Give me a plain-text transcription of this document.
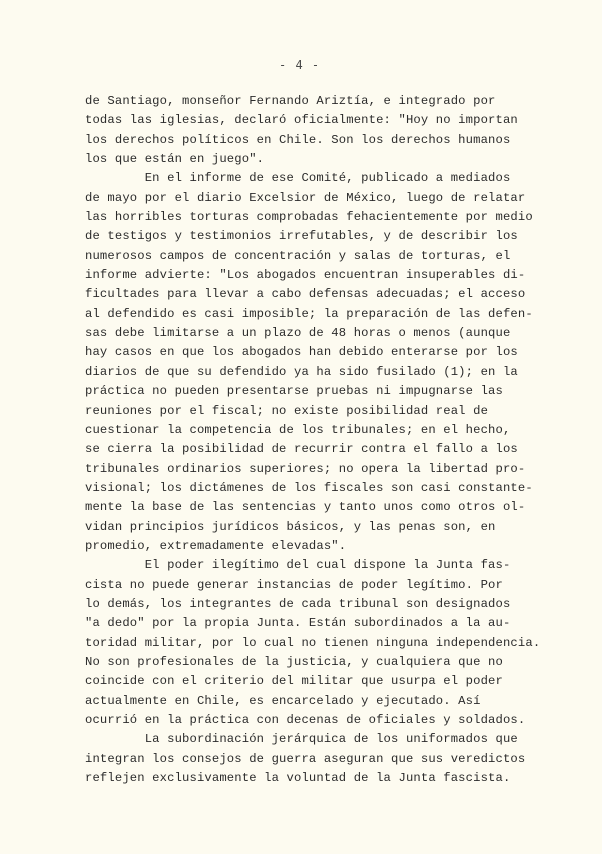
- 4 -
de Santiago, monseñor Fernando Ariztía, e integrado por
todas las iglesias, declaró oficialmente: "Hoy no importan
los derechos políticos en Chile. Son los derechos humanos
los que están en juego".
En el informe de ese Comité, publicado a mediados
de mayo por el diario Excelsior de México, luego de relatar
las horribles torturas comprobadas fehacientemente por medio
de testigos y testimonios irrefutables, y de describir los
numerosos campos de concentración y salas de torturas, el
informe advierte: "Los abogados encuentran insuperables di-
ficultades para llevar a cabo defensas adecuadas; el acceso
al defendido es casi imposible; la preparación de las defen-
sas debe limitarse a un plazo de 48 horas o menos (aunque
hay casos en que los abogados han debido enterarse por los
diarios de que su defendido ya ha sido fusilado (1); en la
práctica no pueden presentarse pruebas ni impugnarse las
reuniones por el fiscal; no existe posibilidad real de
cuestionar la competencia de los tribunales; en el hecho,
se cierra la posibilidad de recurrir contra el fallo a los
tribunales ordinarios superiores; no opera la libertad pro-
visional; los dictámenes de los fiscales son casi constante-
mente la base de las sentencias y tanto unos como otros ol-
vidan principios jurídicos básicos, y las penas son, en
promedio, extremadamente elevadas".
El poder ilegítimo del cual dispone la Junta fas-
cista no puede generar instancias de poder legítimo. Por
lo demás, los integrantes de cada tribunal son designados
"a dedo" por la propia Junta. Están subordinados a la au-
toridad militar, por lo cual no tienen ninguna independencia.
No son profesionales de la justicia, y cualquiera que no
coincide con el criterio del militar que usurpa el poder
actualmente en Chile, es encarcelado y ejecutado. Así
ocurrió en la práctica con decenas de oficiales y soldados.
La subordinación jerárquica de los uniformados que
integran los consejos de guerra aseguran que sus veredictos
reflejen exclusivamente la voluntad de la Junta fascista.
